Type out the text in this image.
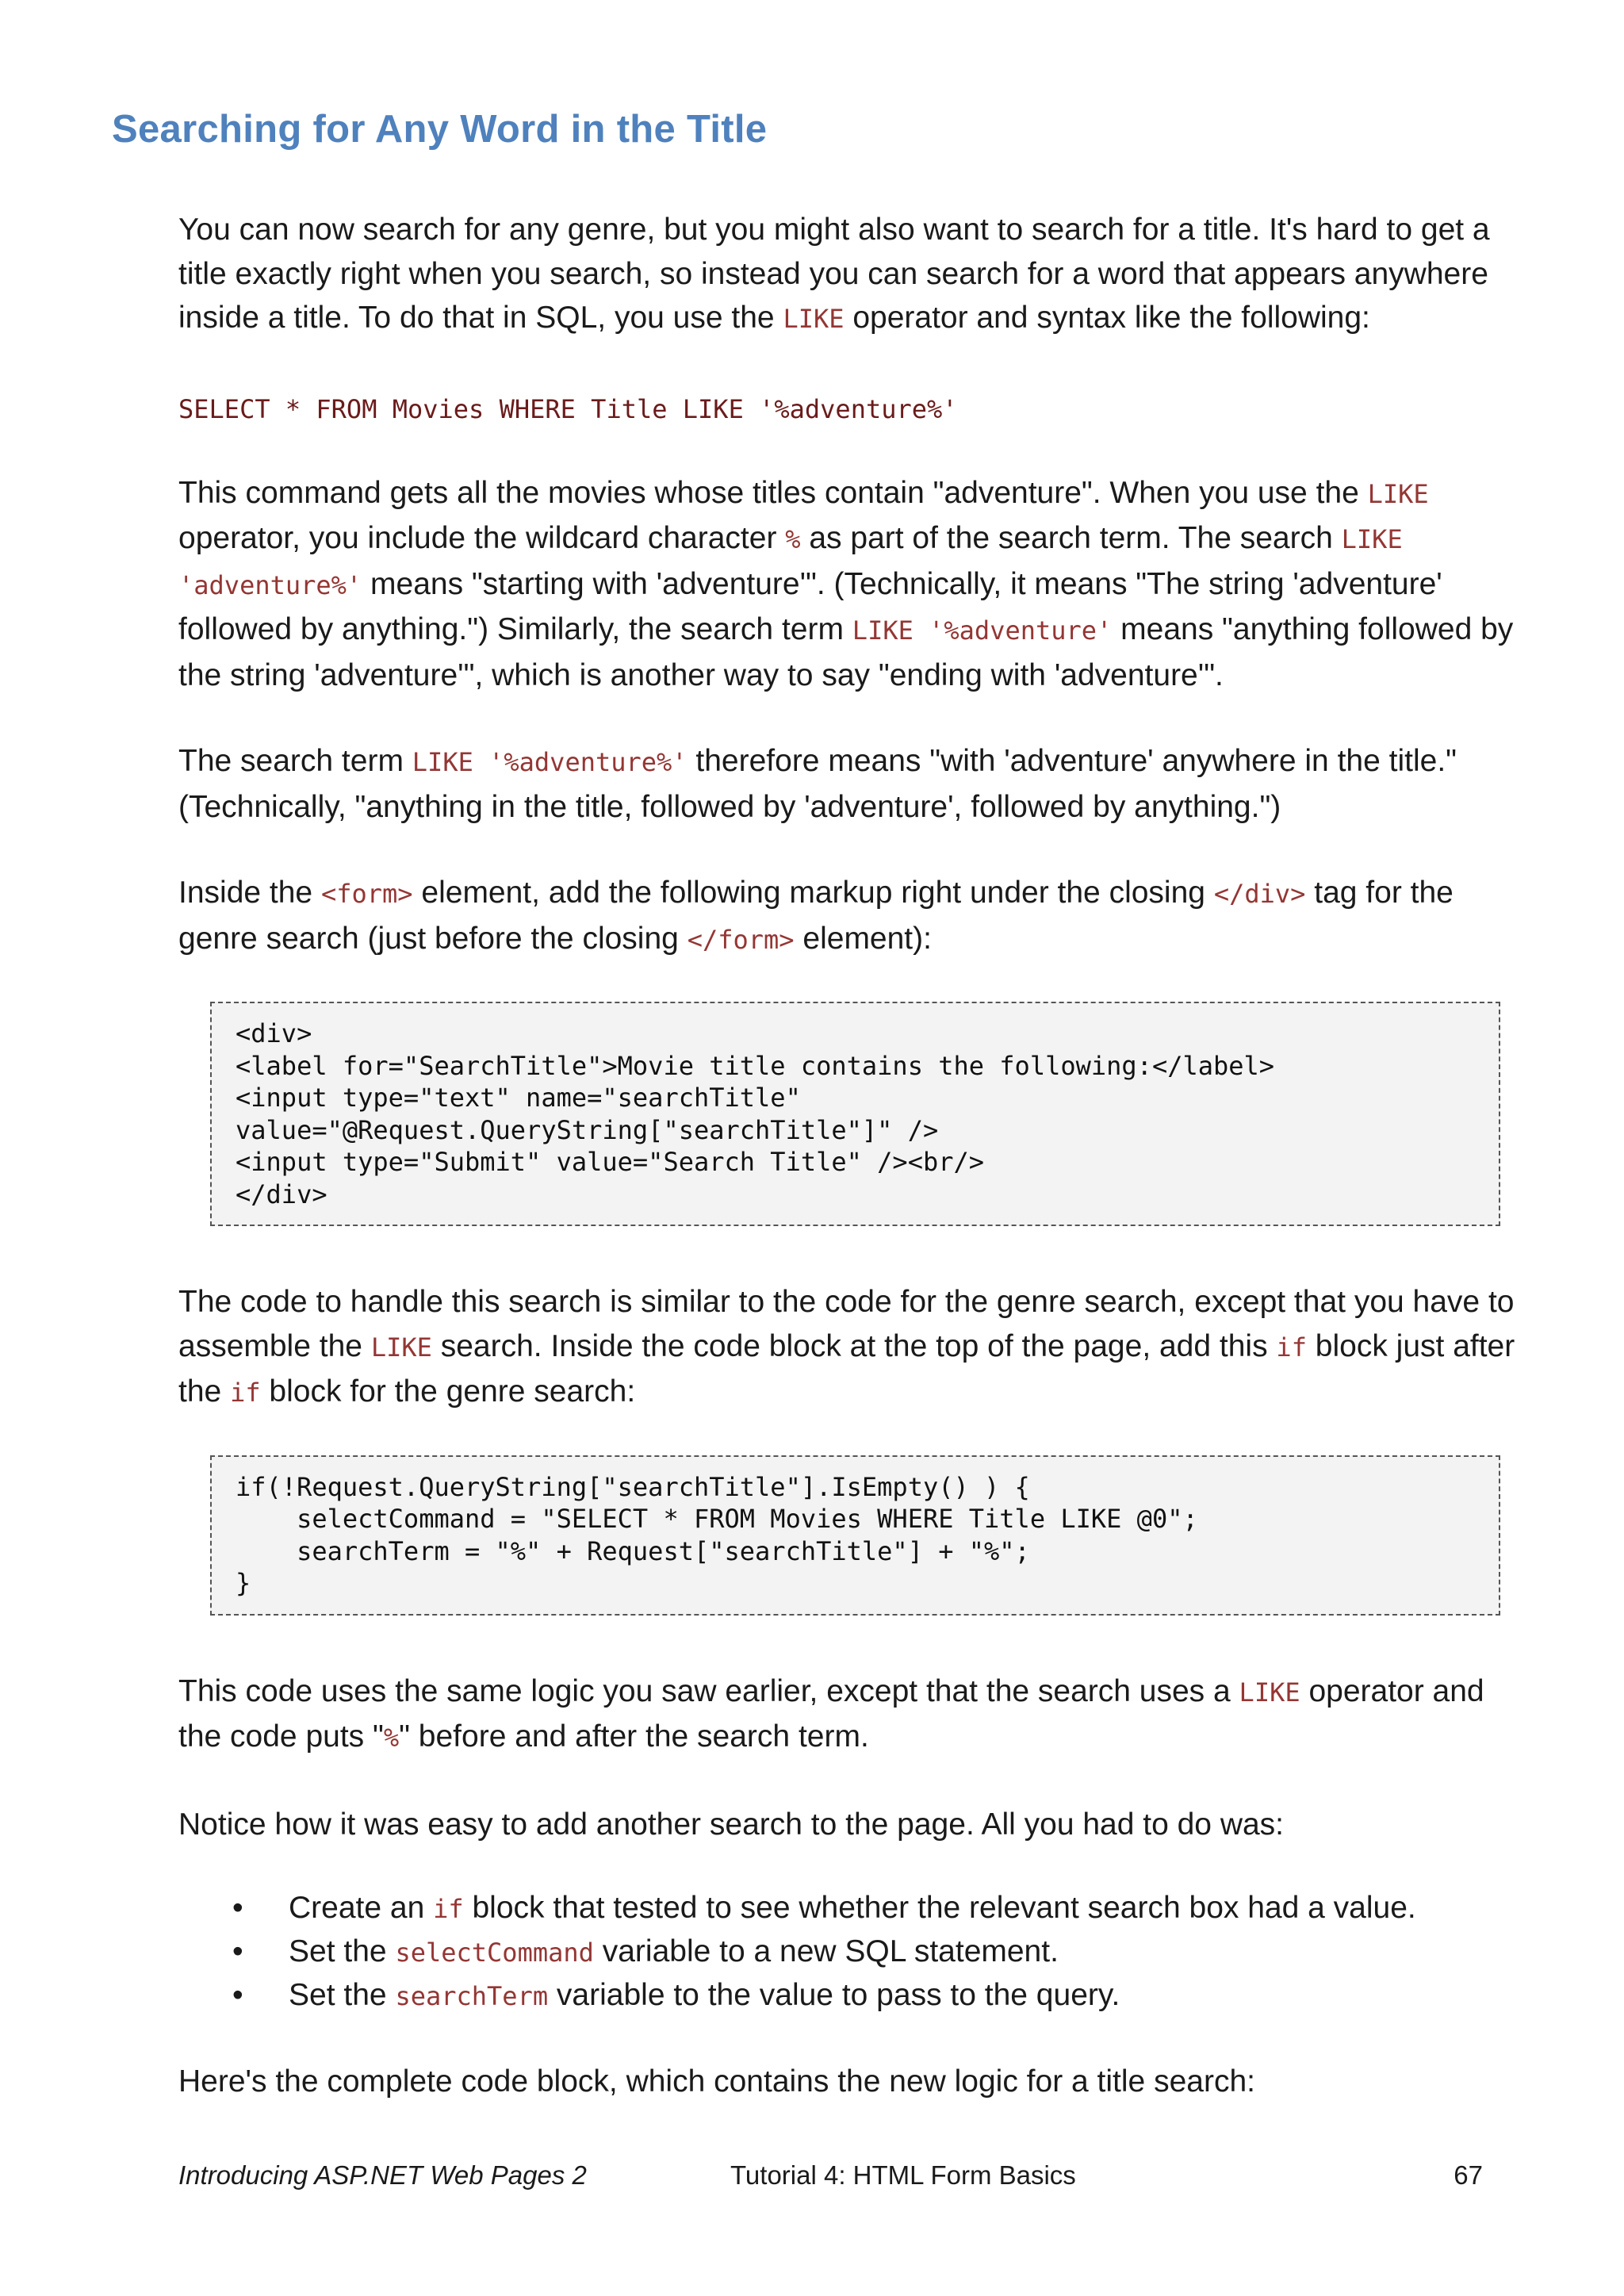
Searching for Any Word in the Title

You can now search for any genre, but you might also want to search for a title. It's hard to get a title exactly right when you search, so instead you can search for a word that appears anywhere inside a title. To do that in SQL, you use the LIKE operator and syntax like the following:

SELECT * FROM Movies WHERE Title LIKE '%adventure%'

This command gets all the movies whose titles contain "adventure". When you use the LIKE operator, you include the wildcard character % as part of the search term. The search LIKE 'adventure%' means "starting with 'adventure'". (Technically, it means "The string 'adventure' followed by anything.") Similarly, the search term LIKE '%adventure' means "anything followed by the string 'adventure'", which is another way to say "ending with 'adventure'".

The search term LIKE '%adventure%' therefore means "with 'adventure' anywhere in the title." (Technically, "anything in the title, followed by 'adventure', followed by anything.")

Inside the <form> element, add the following markup right under the closing </div> tag for the genre search (just before the closing </form> element):

<div>
<label for="SearchTitle">Movie title contains the following:</label>
<input type="text" name="searchTitle"
value="@Request.QueryString["searchTitle"]" />
<input type="Submit" value="Search Title" /><br/>
</div>

The code to handle this search is similar to the code for the genre search, except that you have to assemble the LIKE search. Inside the code block at the top of the page, add this if block just after the if block for the genre search:

if(!Request.QueryString["searchTitle"].IsEmpty() ) {
selectCommand = "SELECT * FROM Movies WHERE Title LIKE @0";
searchTerm = "%" + Request["searchTitle"] + "%";
}

This code uses the same logic you saw earlier, except that the search uses a LIKE operator and the code puts "%" before and after the search term.

Notice how it was easy to add another search to the page. All you had to do was:

• Create an if block that tested to see whether the relevant search box had a value.
• Set the selectCommand variable to a new SQL statement.
• Set the searchTerm variable to the value to pass to the query.

Here's the complete code block, which contains the new logic for a title search:

Introducing ASP.NET Web Pages 2	Tutorial 4: HTML Form Basics	67
